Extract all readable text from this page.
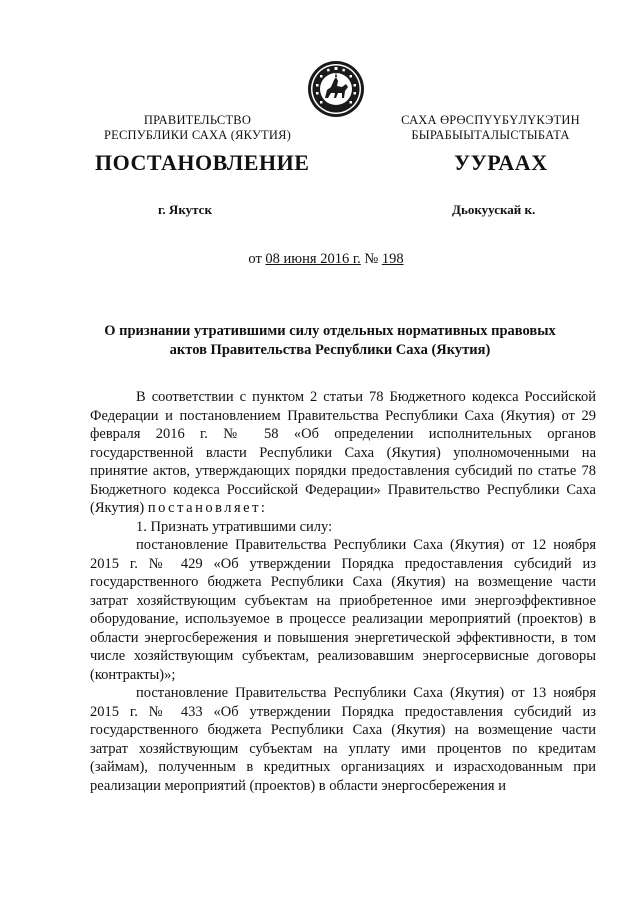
ПРАВИТЕЛЬСТВО
РЕСПУБЛИКИ САХА (ЯКУТИЯ)
САХА ӨРӨСПҮҮБҮЛҮКЭТИН
БЫРАБЫЫТАЛЫСТЫБАТА
ПОСТАНОВЛЕНИЕ	УУРААХ
г. Якутск	Дьокуускай к.
от 08 июня 2016 г. № 198
О признании утратившими силу отдельных нормативных правовых
актов Правительства Республики Саха (Якутия)

В соответствии с пунктом 2 статьи 78 Бюджетного кодекса Российской Федерации и постановлением Правительства Республики Саха (Якутия) от 29 февраля 2016 г. № 58 «Об определении исполнительных органов государственной власти Республики Саха (Якутия) уполномоченными на принятие актов, утверждающих порядки предоставления субсидий по статье 78 Бюджетного кодекса Российской Федерации» Правительство Республики Саха (Якутия) постановляет:

1. Признать утратившими силу:

постановление Правительства Республики Саха (Якутия) от 12 ноября 2015 г. № 429 «Об утверждении Порядка предоставления субсидий из государственного бюджета Республики Саха (Якутия) на возмещение части затрат хозяйствующим субъектам на приобретенное ими энергоэффективное оборудование, используемое в процессе реализации мероприятий (проектов) в области энергосбережения и повышения энергетической эффективности, в том числе хозяйствующим субъектам, реализовавшим энергосервисные договоры (контракты)»;

постановление Правительства Республики Саха (Якутия) от 13 ноября 2015 г. № 433 «Об утверждении Порядка предоставления субсидий из государственного бюджета Республики Саха (Якутия) на возмещение части затрат хозяйствующим субъектам на уплату ими процентов по кредитам (займам), полученным в кредитных организациях и израсходованным при реализации мероприятий (проектов) в области энергосбережения и
